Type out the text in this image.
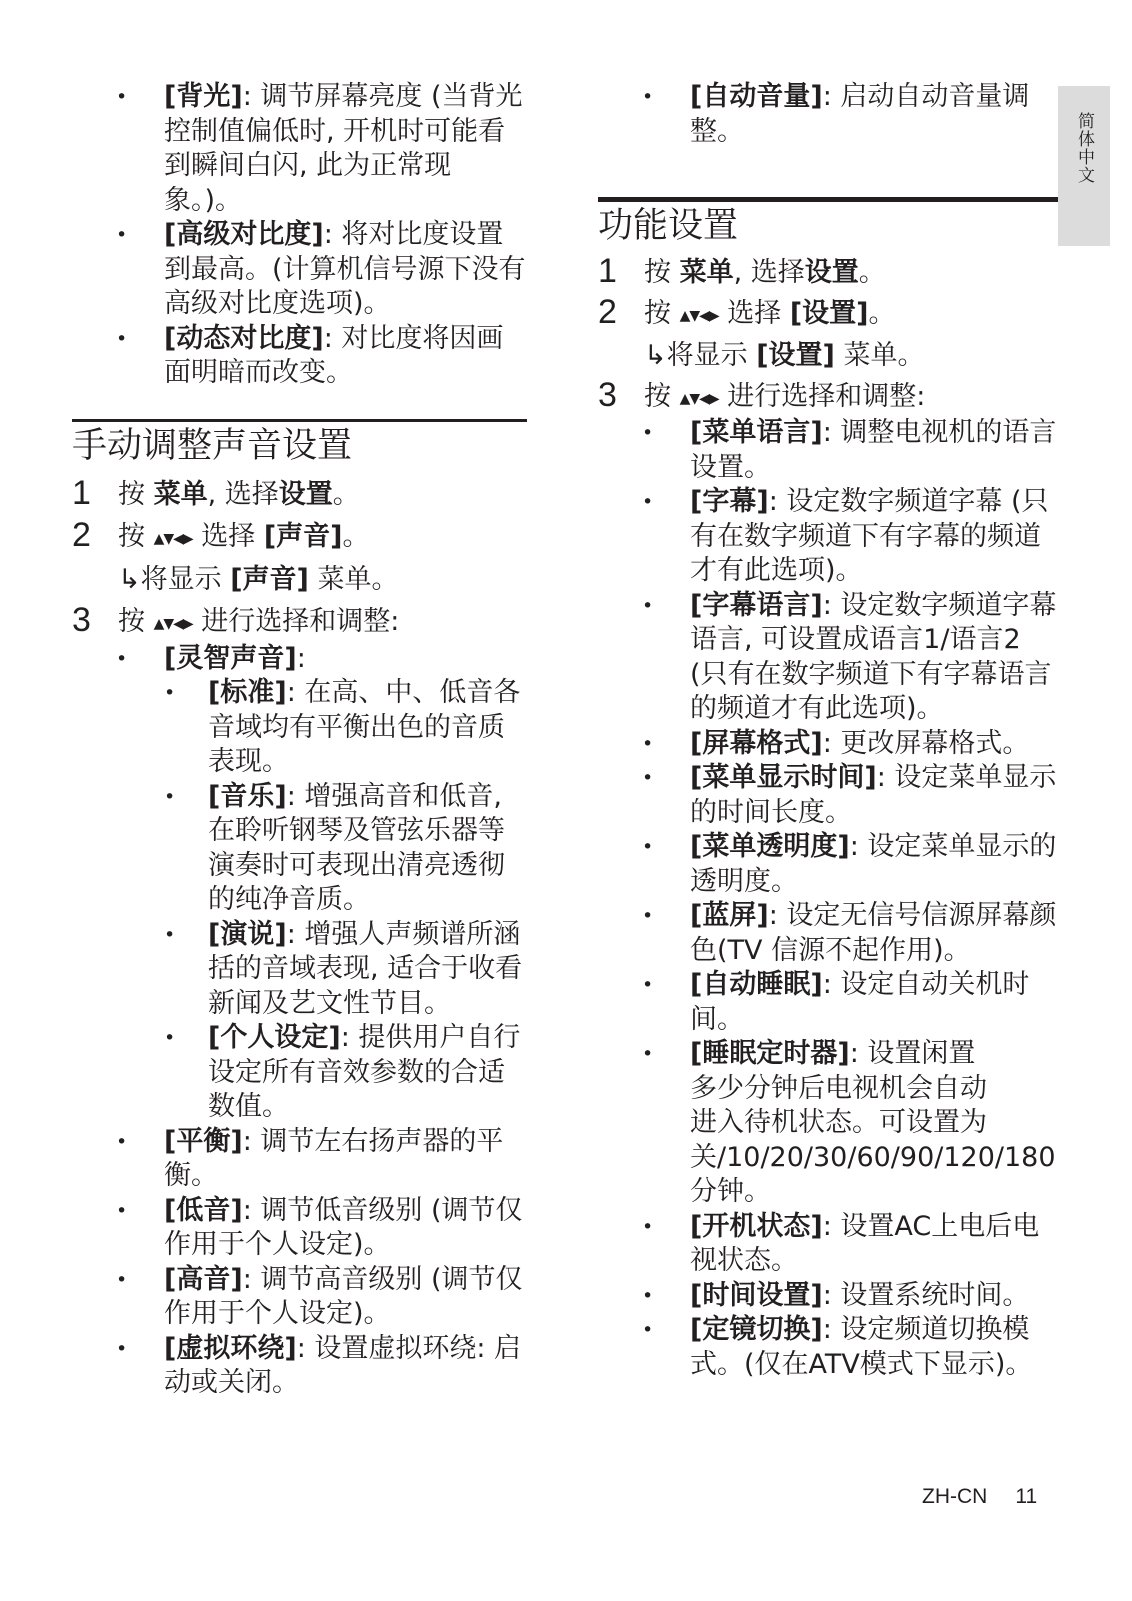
• [背光]: 调节屏幕亮度 (当背光控制值偏低时, 开机时可能看到瞬间白闪, 此为正常现象。)。
• [高级对比度]: 将对比度设置到最高。(计算机信号源下没有高级对比度选项)。
• [动态对比度]: 对比度将因画面明暗而改变。
手动调整声音设置
1 按 菜单, 选择设置。
2 按 ▲▼◀▶ 选择 [声音]。
↳将显示 [声音] 菜单。
3 按 ▲▼◀▶ 进行选择和调整:
• [灵智声音]:
• [标准]: 在高、中、低音各音域均有平衡出色的音质表现。
• [音乐]: 增强高音和低音, 在聆听钢琴及管弦乐器等演奏时可表现出清亮透彻的纯净音质。
• [演说]: 增强人声频谱所涵括的音域表现, 适合于收看新闻及艺文性节目。
• [个人设定]: 提供用户自行设定所有音效参数的合适数值。
• [平衡]: 调节左右扬声器的平衡。
• [低音]: 调节低音级别 (调节仅作用于个人设定)。
• [高音]: 调节高音级别 (调节仅作用于个人设定)。
• [虚拟环绕]: 设置虚拟环绕: 启动或关闭。
• [自动音量]: 启动自动音量调整。
功能设置
1 按 菜单, 选择设置。
2 按 ▲▼◀▶ 选择 [设置]。
↳将显示 [设置] 菜单。
3 按 ▲▼◀▶ 进行选择和调整:
• [菜单语言]: 调整电视机的语言设置。
• [字幕]: 设定数字频道字幕 (只有在数字频道下有字幕的频道才有此选项)。
• [字幕语言]: 设定数字频道字幕语言, 可设置成语言1/语言2 (只有在数字频道下有字幕语言的频道才有此选项)。
• [屏幕格式]: 更改屏幕格式。
• [菜单显示时间]: 设定菜单显示的时间长度。
• [菜单透明度]: 设定菜单显示的透明度。
• [蓝屏]: 设定无信号信源屏幕颜色(TV 信源不起作用)。
• [自动睡眠]: 设定自动关机时间。
• [睡眠定时器]: 设置闲置多少分钟后电视机会自动进入待机状态。可设置为关/10/20/30/60/90/120/180分钟。
• [开机状态]: 设置AC上电后电视状态。
• [时间设置]: 设置系统时间。
• [定镜切换]: 设定频道切换模式。(仅在ATV模式下显示)。
简体中文
ZH-CN 11
